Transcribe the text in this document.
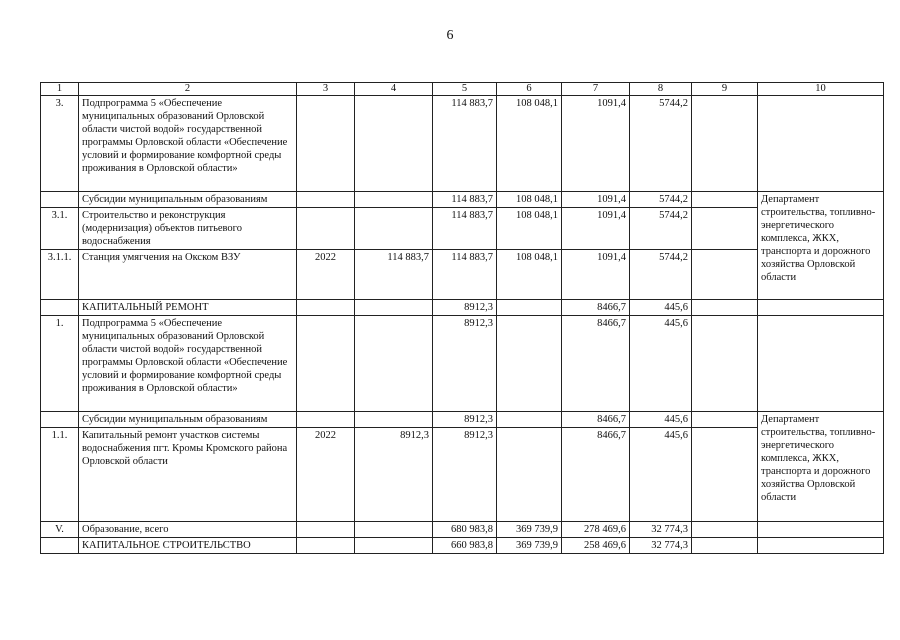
6
1	2	3	4	5	6	7	8	9	10
3.	Подпрограмма 5 «Обеспечение муниципальных образований Орловской области чистой водой» государственной программы Орловской области «Обеспечение условий и формирование комфортной среды проживания в Орловской области»			114 883,7	108 048,1	1091,4	5744,2		
	Субсидии муниципальным образованиям			114 883,7	108 048,1	1091,4	5744,2		Департамент строительства, топливно-энергетического комплекса, ЖКХ, транспорта и дорожного хозяйства Орловской области
3.1.	Строительство и реконструкция (модернизация) объектов питьевого водоснабжения			114 883,7	108 048,1	1091,4	5744,2		
3.1.1.	Станция умягчения на Окском ВЗУ	2022	114 883,7	114 883,7	108 048,1	1091,4	5744,2		
	КАПИТАЛЬНЫЙ РЕМОНТ			8912,3		8466,7	445,6		
1.	Подпрограмма 5 «Обеспечение муниципальных образований Орловской области чистой водой» государственной программы Орловской области «Обеспечение условий и формирование комфортной среды проживания в Орловской области»			8912,3		8466,7	445,6		
	Субсидии муниципальным образованиям			8912,3		8466,7	445,6		Департамент строительства, топливно-энергетического комплекса, ЖКХ, транспорта и дорожного хозяйства Орловской области
1.1.	Капитальный ремонт участков системы водоснабжения пгт. Кромы Кромского района Орловской области	2022	8912,3	8912,3		8466,7	445,6		
V.	Образование, всего			680 983,8	369 739,9	278 469,6	32 774,3		
	КАПИТАЛЬНОЕ СТРОИТЕЛЬСТВО			660 983,8	369 739,9	258 469,6	32 774,3		
